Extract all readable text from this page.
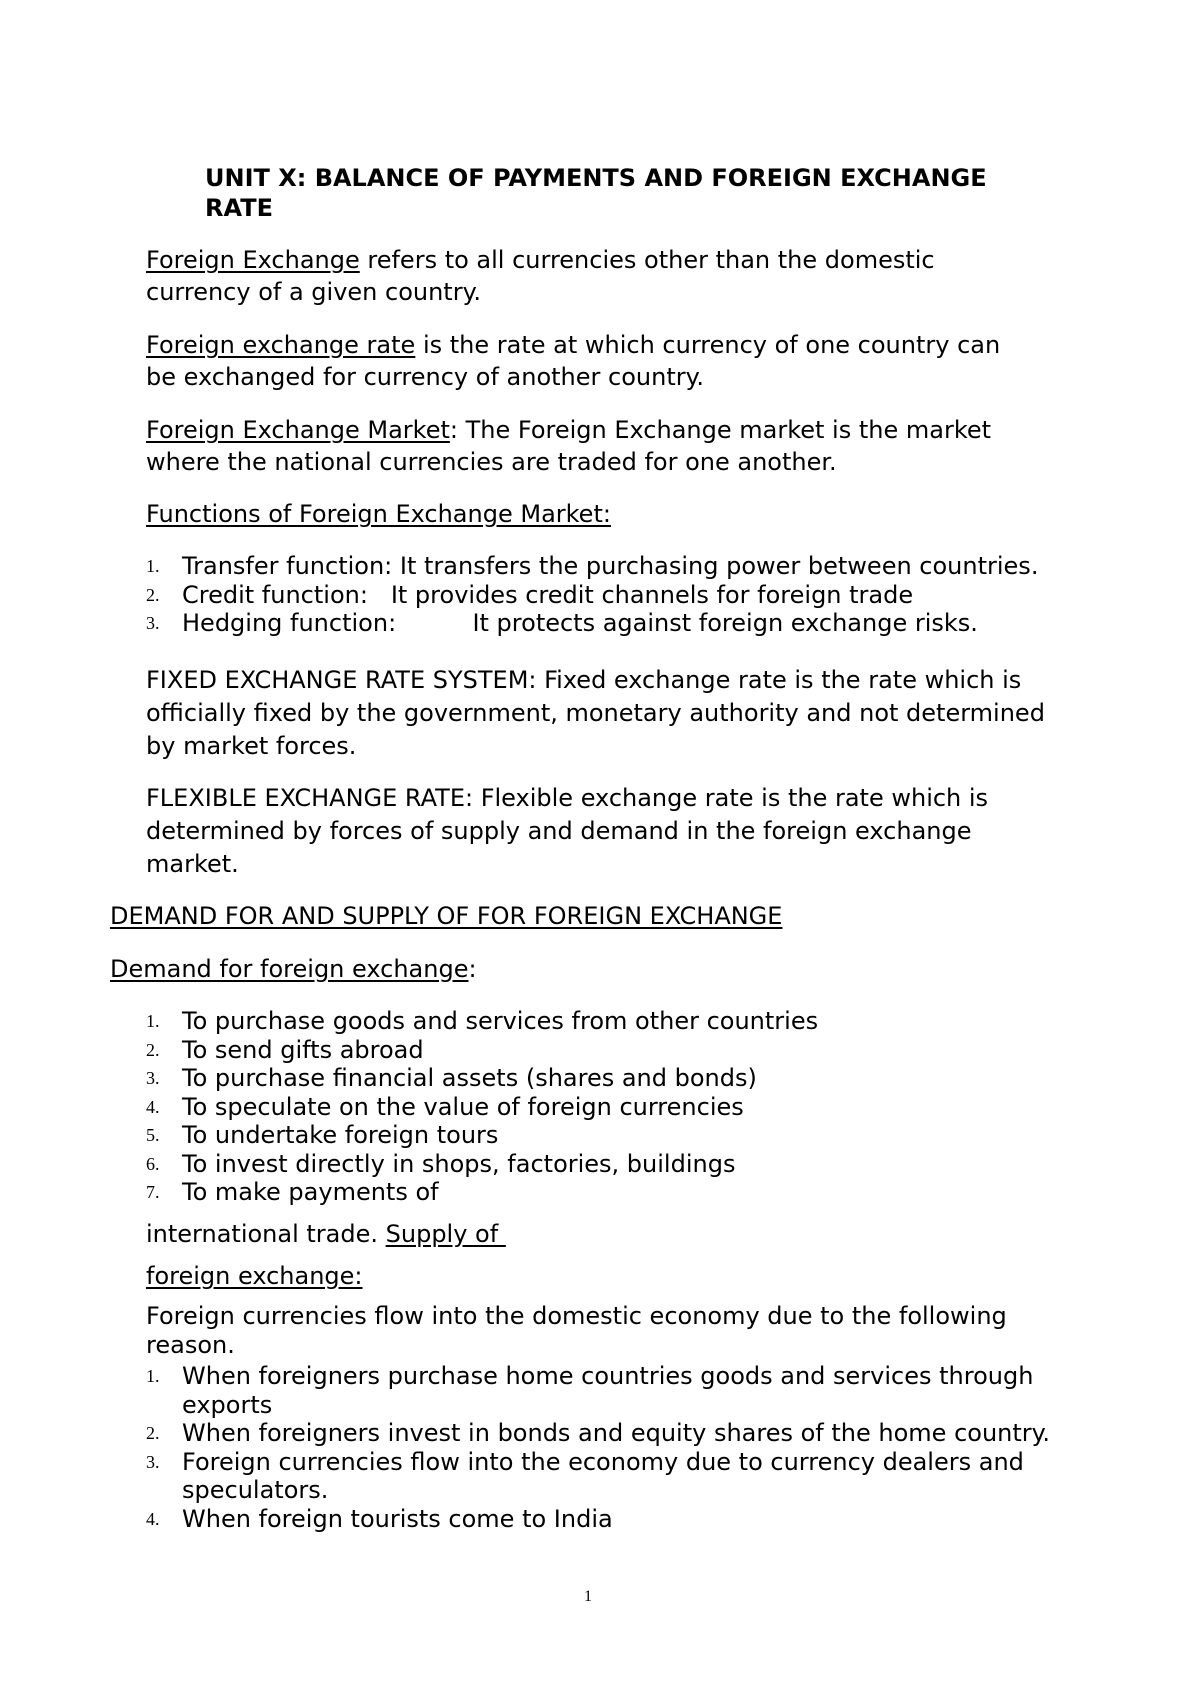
UNIT X: BALANCE OF PAYMENTS AND FOREIGN EXCHANGE RATE
Foreign Exchange refers to all currencies other than the domestic
currency of a given country.
Foreign exchange rate is the rate at which currency of one country can
be exchanged for currency of another country.
Foreign Exchange Market: The Foreign Exchange market is the market
where the national currencies are traded for one another.
Functions of Foreign Exchange Market:
1. Transfer function: It transfers the purchasing power between countries.
2. Credit function:   It provides credit channels for foreign trade
3. Hedging function:          It protects against foreign exchange risks.
FIXED EXCHANGE RATE SYSTEM: Fixed exchange rate is the rate which is
officially fixed by the government, monetary authority and not determined
by market forces.
FLEXIBLE EXCHANGE RATE: Flexible exchange rate is the rate which is
determined by forces of supply and demand in the foreign exchange
market.
DEMAND FOR AND SUPPLY OF FOR FOREIGN EXCHANGE
Demand for foreign exchange:
1. To purchase goods and services from other countries
2. To send gifts abroad
3. To purchase financial assets (shares and bonds)
4. To speculate on the value of foreign currencies
5. To undertake foreign tours
6. To invest directly in shops, factories, buildings
7. To make payments of
international trade. Supply of
foreign exchange:
Foreign currencies flow into the domestic economy due to the following
reason.
1. When foreigners purchase home countries goods and services through exports
2. When foreigners invest in bonds and equity shares of the home country.
3. Foreign currencies flow into the economy due to currency dealers and speculators.
4. When foreign tourists come to India
1
